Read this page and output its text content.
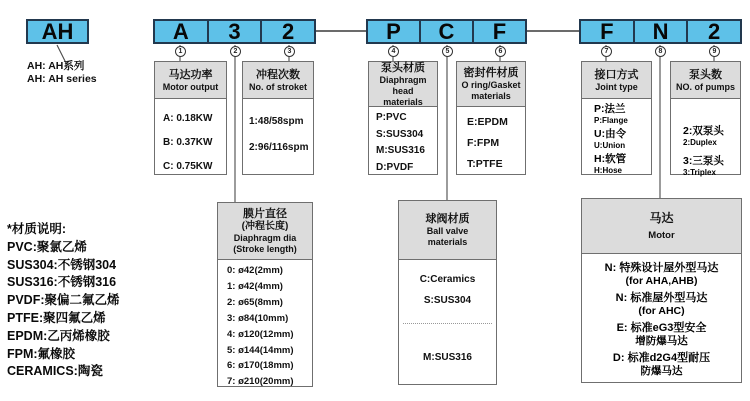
AH	A	3	2	P	C	F	F	N	2
1	2	3	4	5	6	7	8	9
AH: AH系列
AH: AH series	马达功率
Motor output
A: 0.18KW
B: 0.37KW
C: 0.75KW
冲程次数
No. of stroket
1:48/58spm
2:96/116spm
泵头材质
Diaphragm head
materials
P:PVC
S:SUS304
M:SUS316
D:PVDF
密封件材质
O ring/Gasket
materials
E:EPDM
F:FPM
T:PTFE
接口方式
Joint type
P:法兰
P:Flange
U:由令
U:Union
H:软管
H:Hose
泵头数
NO. of pumps
2:双泵头
2:Duplex
3:三泵头
3:Triplex
膜片直径
(冲程长度)
Diaphragm dia
(Stroke length)
0: ø42(2mm)
1: ø42(4mm)
2: ø65(8mm)
3: ø84(10mm)
4: ø120(12mm)
5: ø144(14mm)
6: ø170(18mm)
7: ø210(20mm)
球阀材质
Ball valve
materials
C:Ceramics
S:SUS304
M:SUS316
马达
Motor
N: 特殊设计屋外型马达
(for AHA,AHB)
N: 标准屋外型马达
(for AHC)
E: 标准eG3型安全
增防爆马达
D: 标准d2G4型耐压
防爆马达
*材质说明:
PVC:聚氯乙烯
SUS304:不锈钢304
SUS316:不锈钢316
PVDF:聚偏二氟乙烯
PTFE:聚四氟乙烯
EPDM:乙丙烯橡胶
FPM:氟橡胶
CERAMICS:陶瓷
